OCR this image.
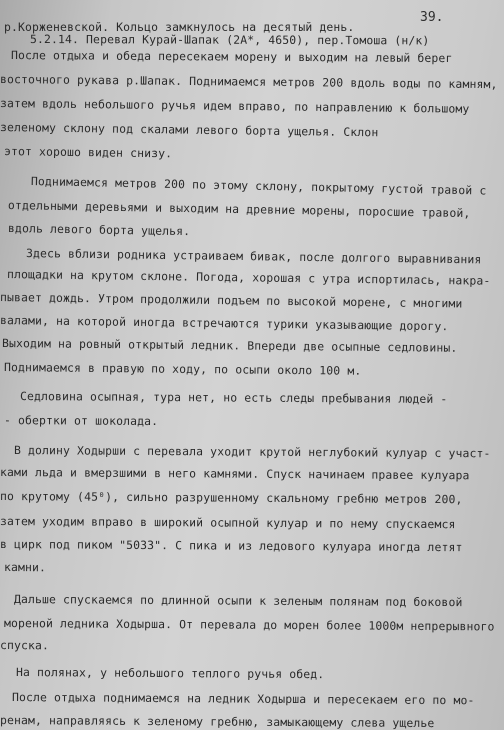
39.
р.Корженевской. Кольцо замкнулось на десятый день.
5.2.14. Перевал Курай-Шапак (2А*, 4650), пер.Томоша (н/к)
После отдыха и обеда пересекаем морену и выходим на левый берег
восточного рукава р.Шапак. Поднимаемся метров 200 вдоль воды по камням,
затем вдоль небольшого ручья идем вправо, по направлению к большому
зеленому склону под скалами левого борта ущелья. Склон
этот хорошо виден снизу.
Поднимаемся метров 200 по этому склону, покрытому густой травой с
отдельными деревьями и выходим на древние морены, поросшие травой,
вдоль левого борта ущелья.
Здесь вблизи родника устраиваем бивак, после долгого выравнивания
площадки на крутом склоне. Погода, хорошая с утра испортилась, накра-
пывает дождь. Утром продолжили подъем по высокой морене, с многими
валами, на которой иногда встречаются турики указывающие дорогу.
Выходим на ровный открытый ледник. Впереди две осыпные седловины.
Поднимаемся в правую по ходу, по осыпи около 100 м.
Седловина осыпная, тура нет, но есть следы пребывания людей -
- обертки от шоколада.
В долину Ходырши с перевала уходит крутой неглубокий кулуар с участ-
ками льда и вмерзшими в него камнями. Спуск начинаем правее кулуара
по крутому (45⁰), сильно разрушенному скальному гребню метров 200,
затем уходим вправо в широкий осыпной кулуар и по нему спускаемся
в цирк под пиком "5033". С пика и из ледового кулуара иногда летят
камни.
Дальше спускаемся по длинной осыпи к зеленым полянам под боковой
мореной ледника Ходырша. От перевала до морен более 1000м непрерывного
спуска.
На полянах, у небольшого теплого ручья обед.
После отдыха поднимаемся на ледник Ходырша и пересекаем его по мо-
ренам, направляясь к зеленому гребню, замыкающему слева ущелье
